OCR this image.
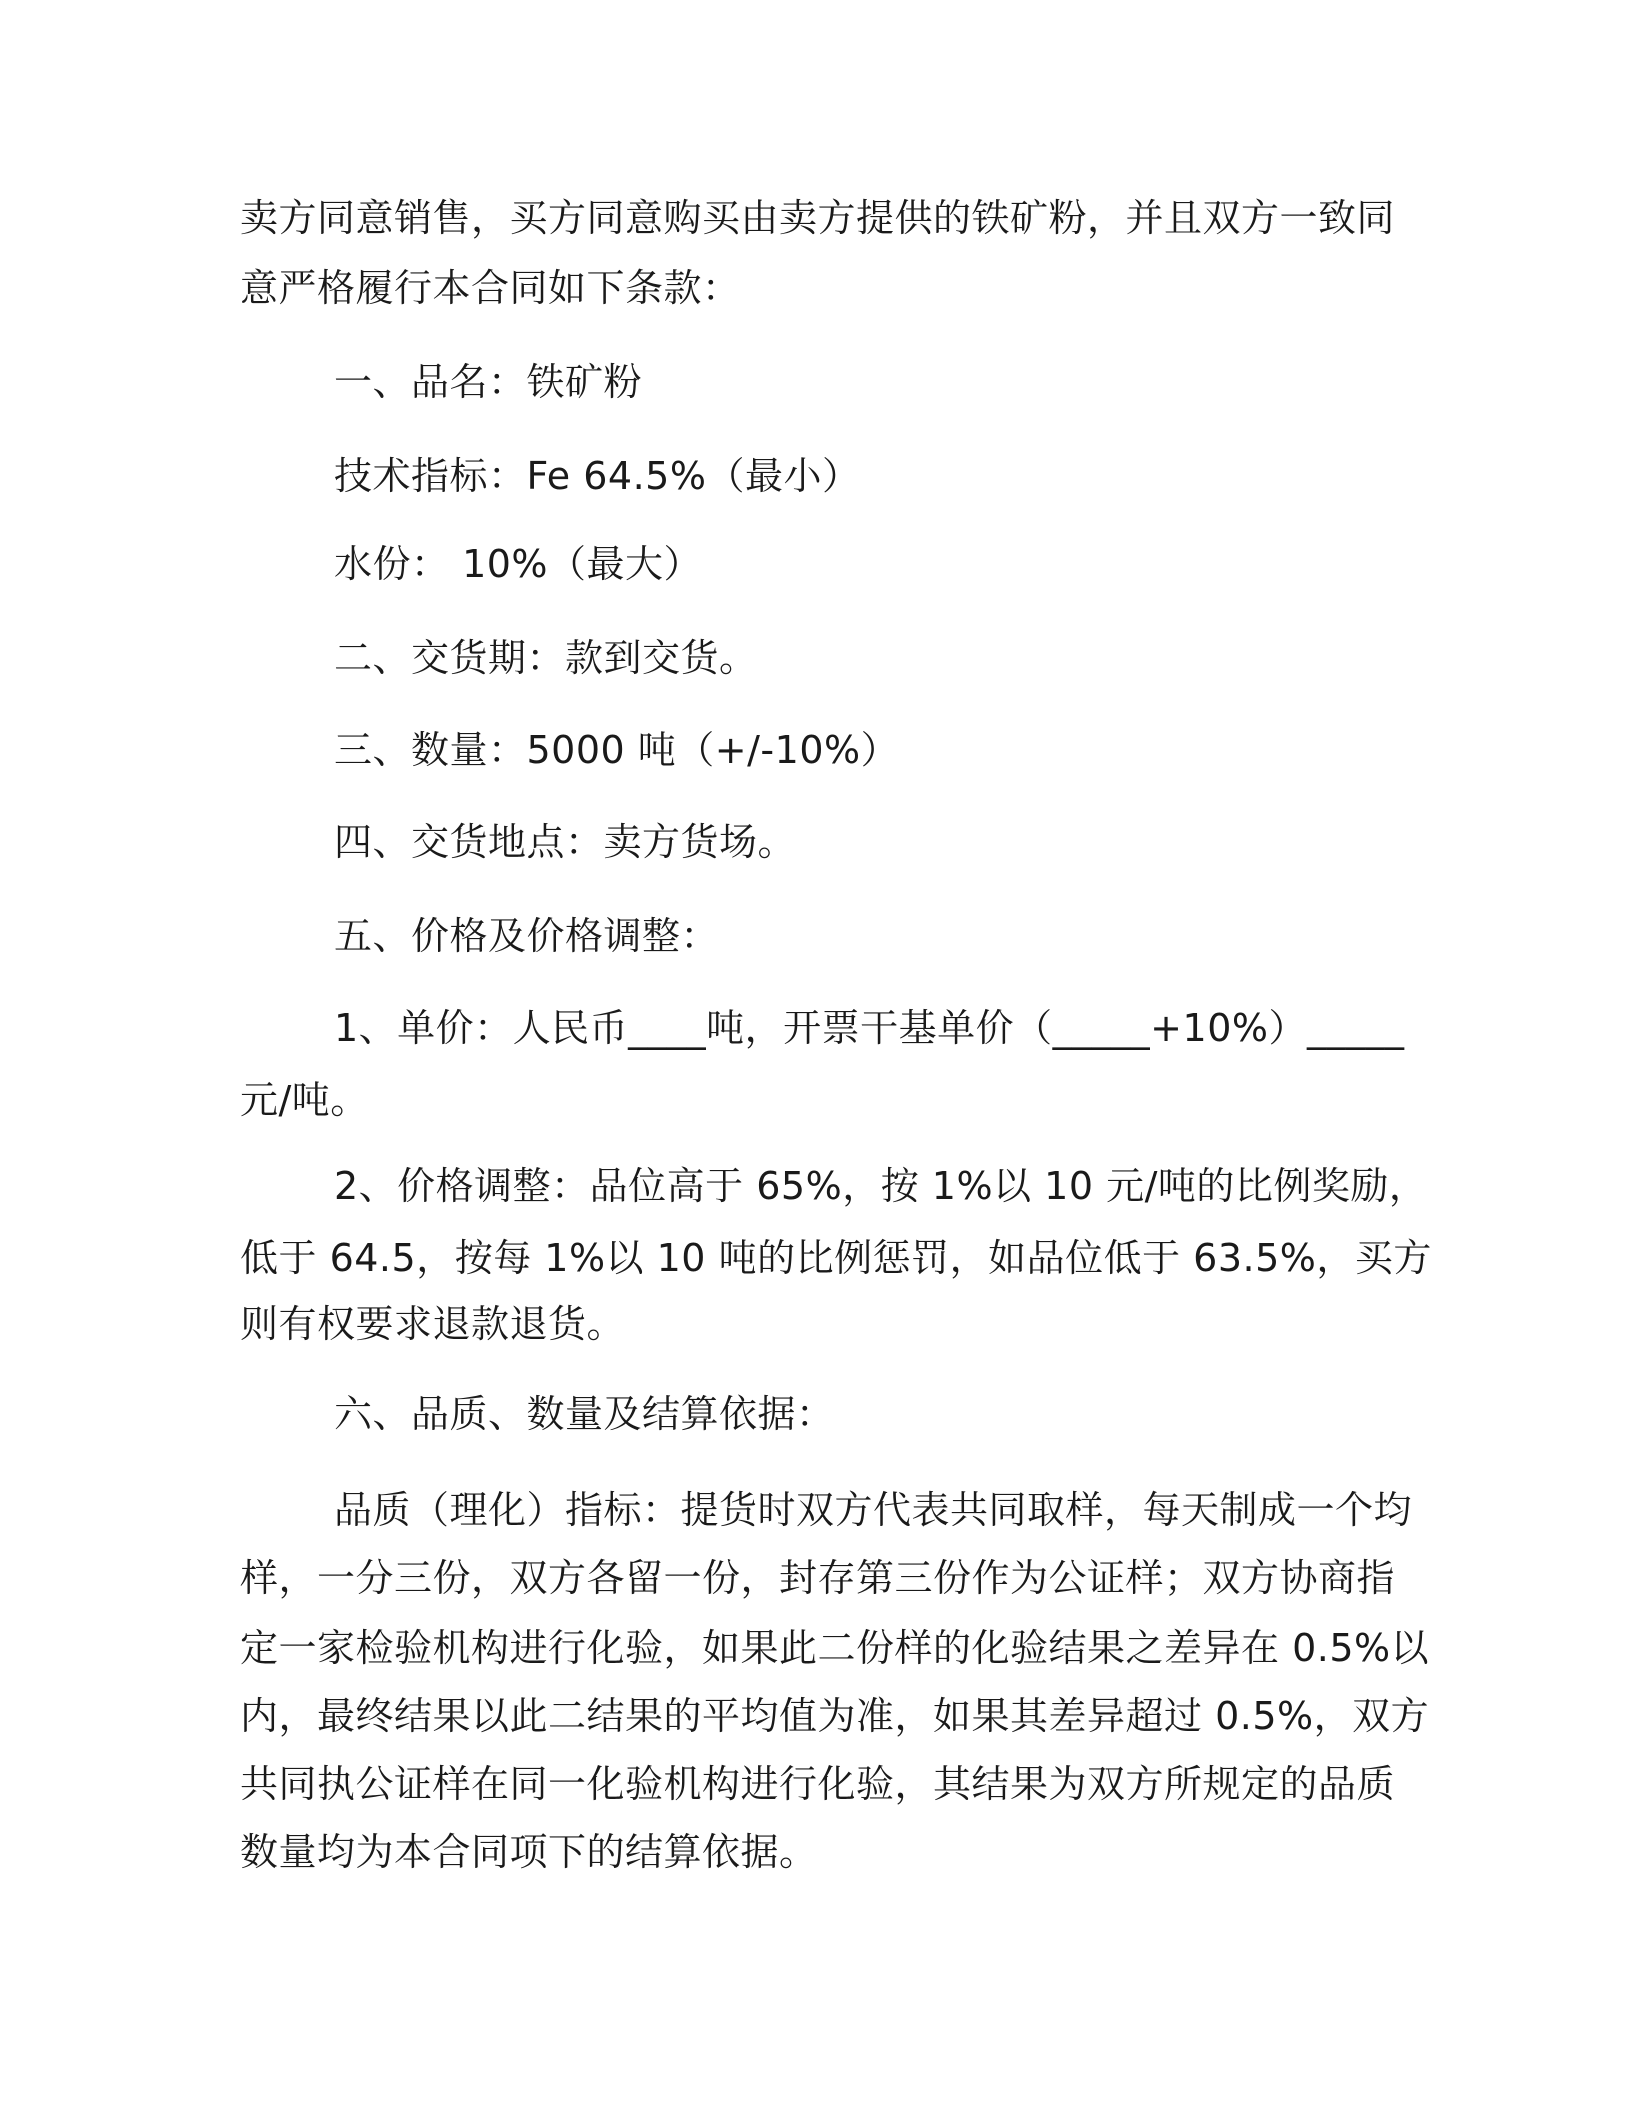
卖方同意销售，买方同意购买由卖方提供的铁矿粉，并且双方一致同
意严格履行本合同如下条款：
一、品名：铁矿粉
技术指标：Fe 64.5%（最小）
水份： 10%（最大）
二、交货期：款到交货。
三、数量：5000 吨（+/-10%）
四、交货地点：卖方货场。
五、价格及价格调整：
1、单价：人民币____吨，开票干基单价（_____+10%）_____
元/吨。
2、价格调整：品位高于 65%，按 1%以 10 元/吨的比例奖励，
低于 64.5，按每 1%以 10 吨的比例惩罚，如品位低于 63.5%，买方
则有权要求退款退货。
六、品质、数量及结算依据：
品质（理化）指标：提货时双方代表共同取样，每天制成一个均
样，一分三份，双方各留一份，封存第三份作为公证样；双方协商指
定一家检验机构进行化验，如果此二份样的化验结果之差异在 0.5%以
内，最终结果以此二结果的平均值为准，如果其差异超过 0.5%，双方
共同执公证样在同一化验机构进行化验，其结果为双方所规定的品质
数量均为本合同项下的结算依据。
